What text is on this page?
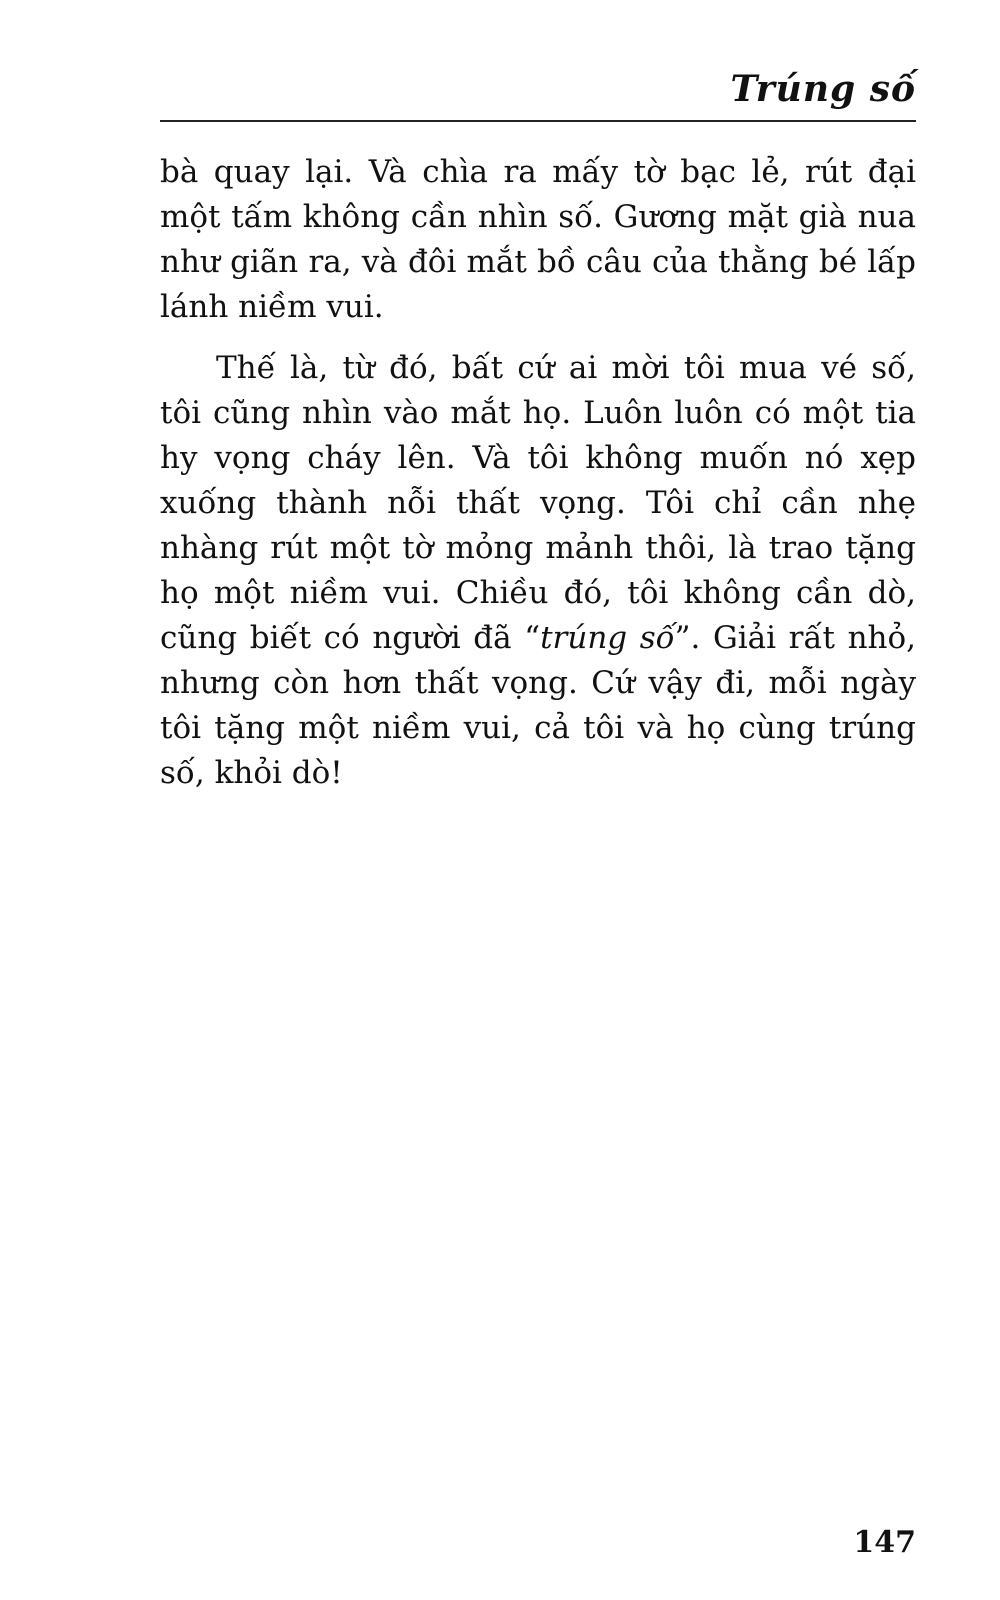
Trúng số

bà quay lại. Và chìa ra mấy tờ bạc lẻ, rút đại một tấm không cần nhìn số. Gương mặt già nua như giãn ra, và đôi mắt bồ câu của thằng bé lấp lánh niềm vui.

Thế là, từ đó, bất cứ ai mời tôi mua vé số, tôi cũng nhìn vào mắt họ. Luôn luôn có một tia hy vọng cháy lên. Và tôi không muốn nó xẹp xuống thành nỗi thất vọng. Tôi chỉ cần nhẹ nhàng rút một tờ mỏng mảnh thôi, là trao tặng họ một niềm vui. Chiều đó, tôi không cần dò, cũng biết có người đã “trúng số”. Giải rất nhỏ, nhưng còn hơn thất vọng. Cứ vậy đi, mỗi ngày tôi tặng một niềm vui, cả tôi và họ cùng trúng số, khỏi dò!

147
